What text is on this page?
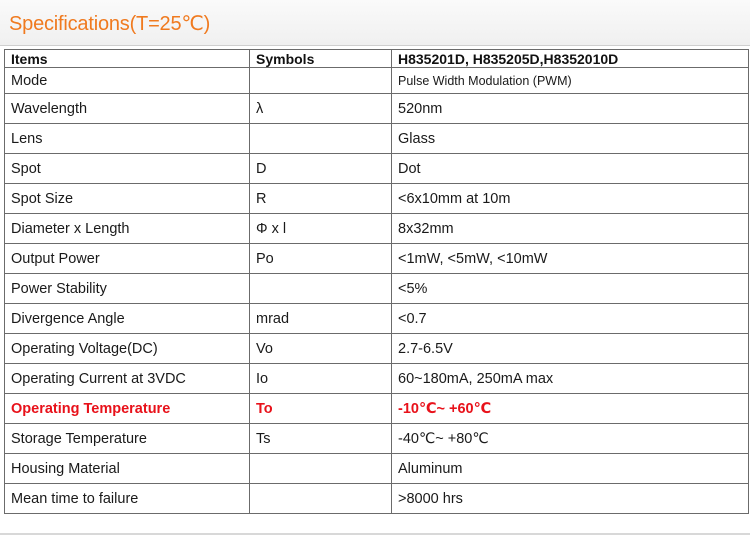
Specifications(T=25℃)
Items	Symbols	H835201D, H835205D,H8352010D
Mode		Pulse Width Modulation (PWM)
Wavelength	λ	520nm
Lens		Glass
Spot	D	Dot
Spot Size	R	<6x10mm at 10m
Diameter x Length	Φ x l	8x32mm
Output Power	Po	<1mW, <5mW, <10mW
Power Stability		<5%
Divergence Angle	mrad	<0.7
Operating Voltage(DC)	Vo	2.7-6.5V
Operating Current at 3VDC	Io	60~180mA, 250mA max
Operating Temperature	To	-10℃~ +60℃
Storage Temperature	Ts	-40℃~ +80℃
Housing Material		Aluminum
Mean time to failure		>8000 hrs
